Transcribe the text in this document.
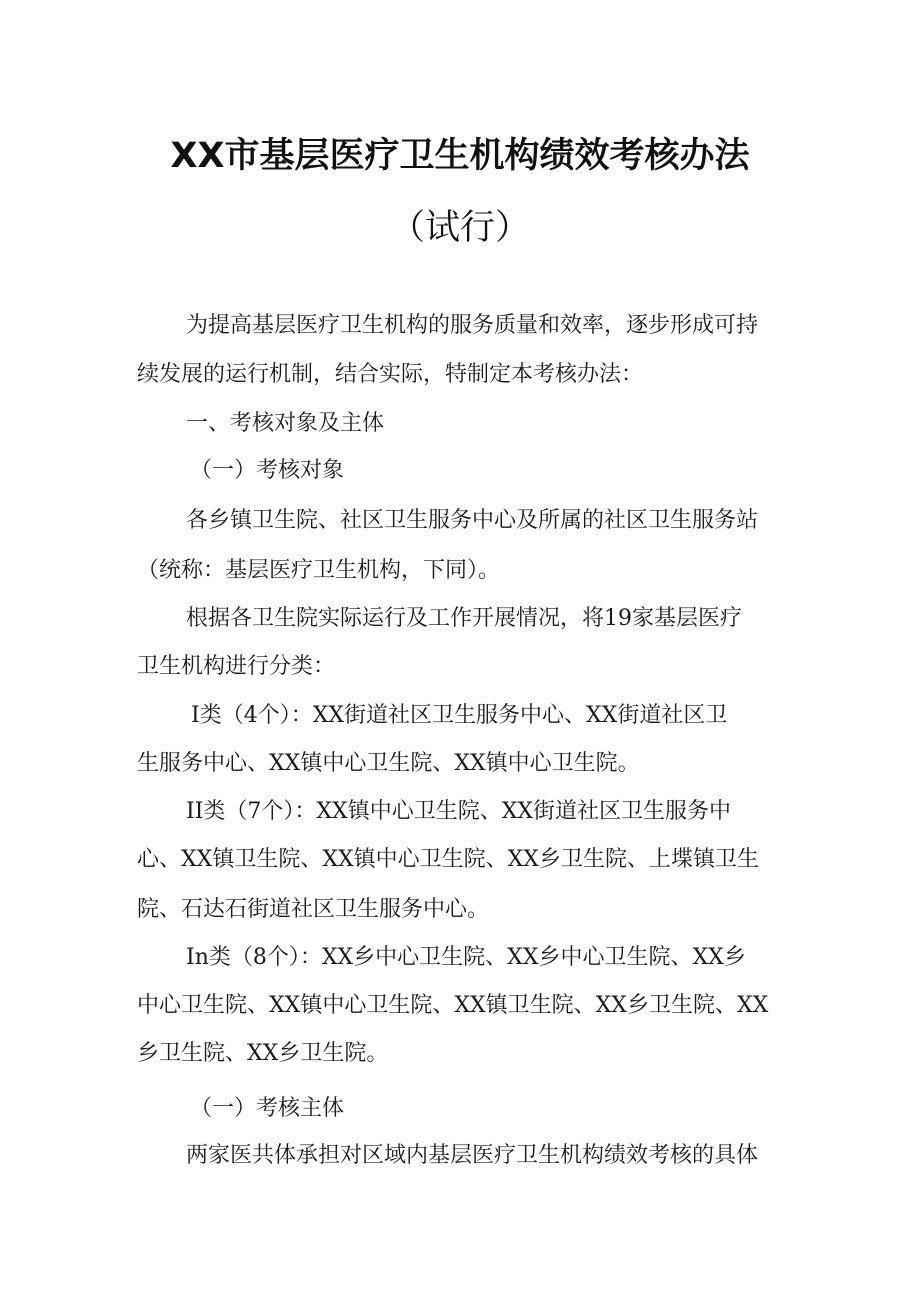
XX市基层医疗卫生机构绩效考核办法
（试行）
为提高基层医疗卫生机构的服务质量和效率，逐步形成可持
续发展的运行机制，结合实际，特制定本考核办法：
一、考核对象及主体
（一）考核对象
各乡镇卫生院、社区卫生服务中心及所属的社区卫生服务站
（统称：基层医疗卫生机构，下同）。
根据各卫生院实际运行及工作开展情况，将19家基层医疗
卫生机构进行分类：
Ⅰ类（4个）：XX街道社区卫生服务中心、XX街道社区卫
生服务中心、XX镇中心卫生院、XX镇中心卫生院。
II类（7个）：XX镇中心卫生院、XX街道社区卫生服务中
心、XX镇卫生院、XX镇中心卫生院、XX乡卫生院、上堞镇卫生
院、石达石街道社区卫生服务中心。
In类（8个）：XX乡中心卫生院、XX乡中心卫生院、XX乡
中心卫生院、XX镇中心卫生院、XX镇卫生院、XX乡卫生院、XX
乡卫生院、XX乡卫生院。
（一）考核主体
两家医共体承担对区域内基层医疗卫生机构绩效考核的具体
